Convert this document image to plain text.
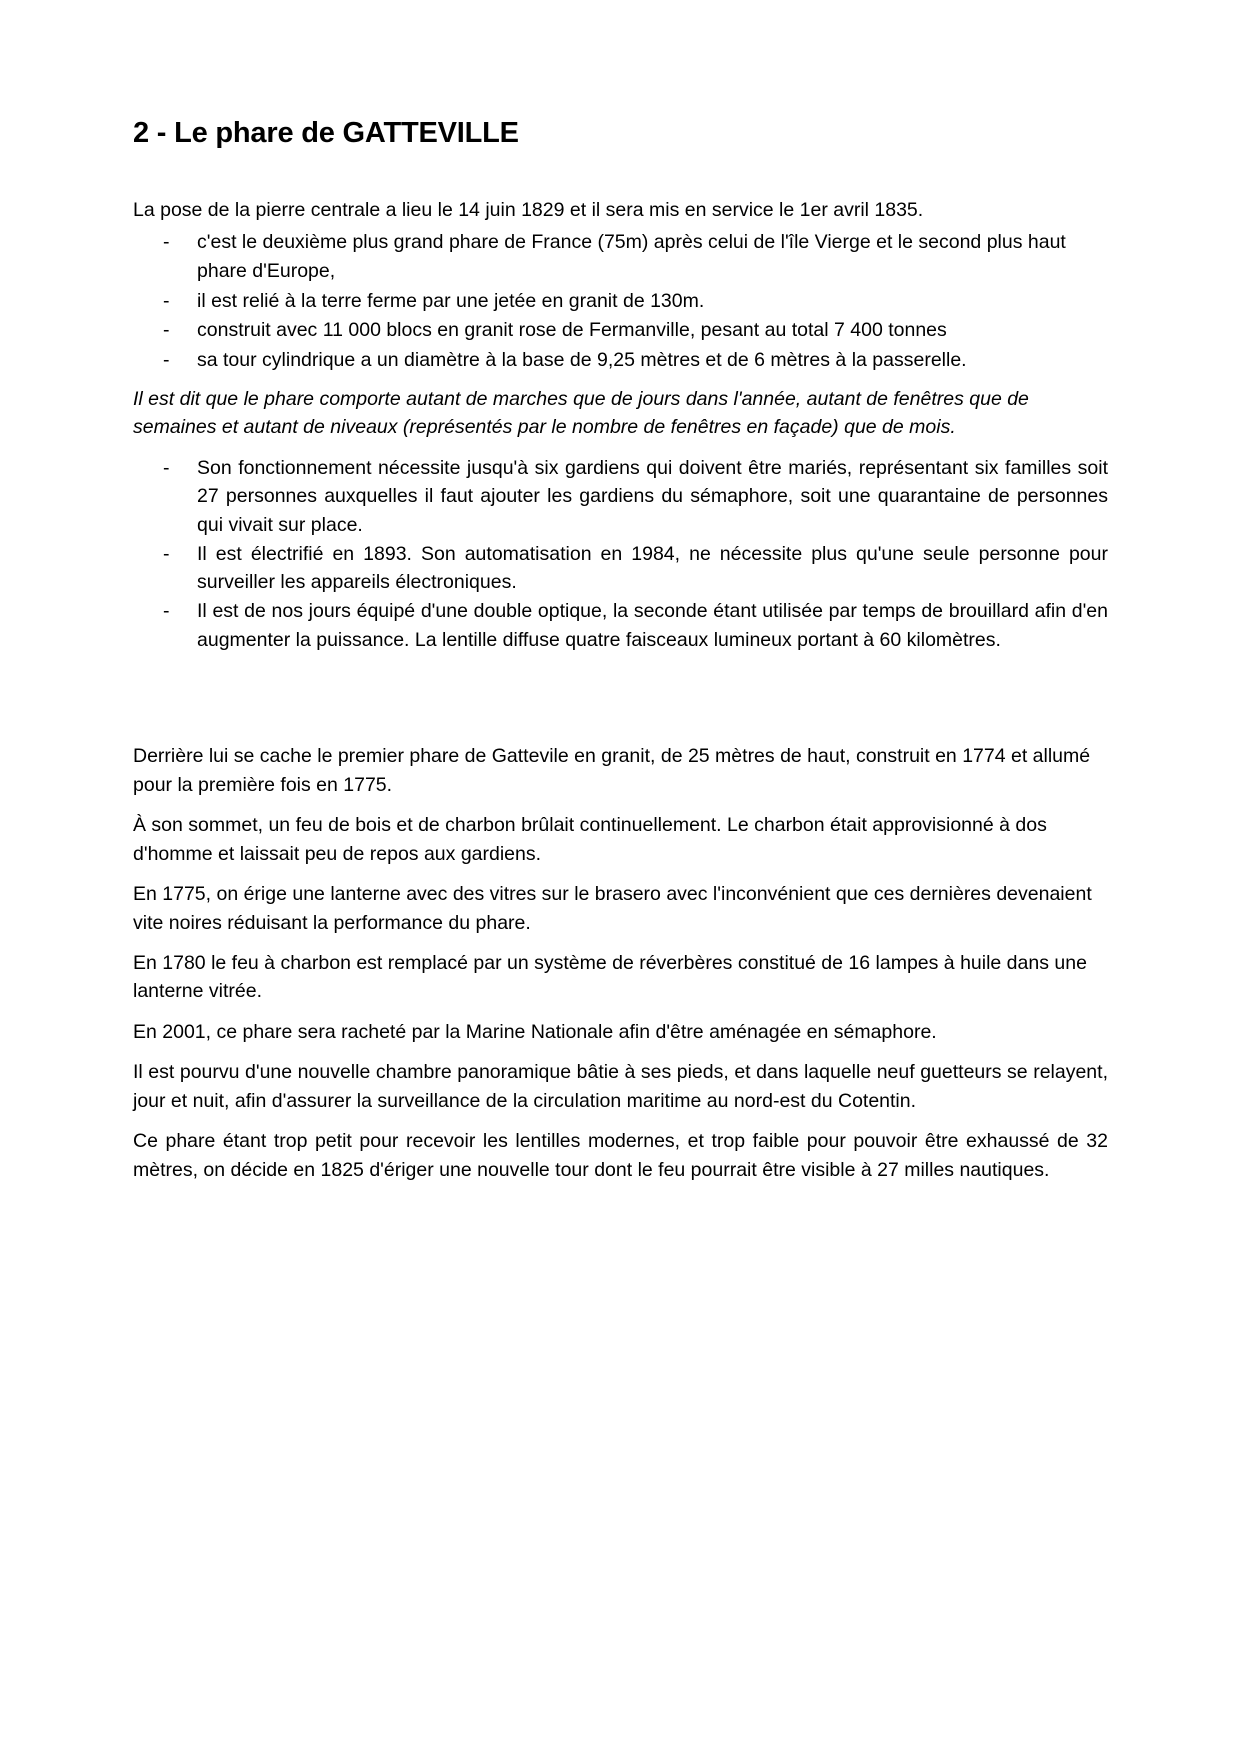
2 - Le phare de GATTEVILLE

La pose de la pierre centrale a lieu le 14 juin 1829 et il sera mis en service le 1er avril 1835.

- c'est le deuxième plus grand phare de France (75m) après celui de l'île Vierge et le second plus haut phare d'Europe,
- il est relié à la terre ferme par une jetée en granit de 130m.
- construit avec 11 000 blocs en granit rose de Fermanville, pesant au total 7 400 tonnes
- sa tour cylindrique a un diamètre à la base de 9,25 mètres et de 6 mètres à la passerelle.

Il est dit que le phare comporte autant de marches que de jours dans l'année, autant de fenêtres que de semaines et autant de niveaux (représentés par le nombre de fenêtres en façade) que de mois.

- Son fonctionnement nécessite jusqu'à six gardiens qui doivent être mariés, représentant six familles soit 27 personnes auxquelles il faut ajouter les gardiens du sémaphore, soit une quarantaine de personnes qui vivait sur place.
- Il est électrifié en 1893. Son automatisation en 1984, ne nécessite plus qu'une seule personne pour surveiller les appareils électroniques.
- Il est de nos jours équipé d'une double optique, la seconde étant utilisée par temps de brouillard afin d'en augmenter la puissance. La lentille diffuse quatre faisceaux lumineux portant à 60 kilomètres.

Derrière lui se cache le premier phare de Gattevile en granit, de 25 mètres de haut, construit en 1774 et allumé pour la première fois en 1775.

À son sommet, un feu de bois et de charbon brûlait continuellement. Le charbon était approvisionné à dos d'homme et laissait peu de repos aux gardiens.

En 1775, on érige une lanterne avec des vitres sur le brasero avec l'inconvénient que ces dernières devenaient vite noires réduisant la performance du phare.

En 1780 le feu à charbon est remplacé par un système de réverbères constitué de 16 lampes à huile dans une lanterne vitrée.

En 2001, ce phare sera racheté par la Marine Nationale afin d'être aménagée en sémaphore.

Il est pourvu d'une nouvelle chambre panoramique bâtie à ses pieds, et dans laquelle neuf guetteurs se relayent, jour et nuit, afin d'assurer la surveillance de la circulation maritime au nord-est du Cotentin.

Ce phare étant trop petit pour recevoir les lentilles modernes, et trop faible pour pouvoir être exhaussé de 32 mètres, on décide en 1825 d'ériger une nouvelle tour dont le feu pourrait être visible à 27 milles nautiques.
